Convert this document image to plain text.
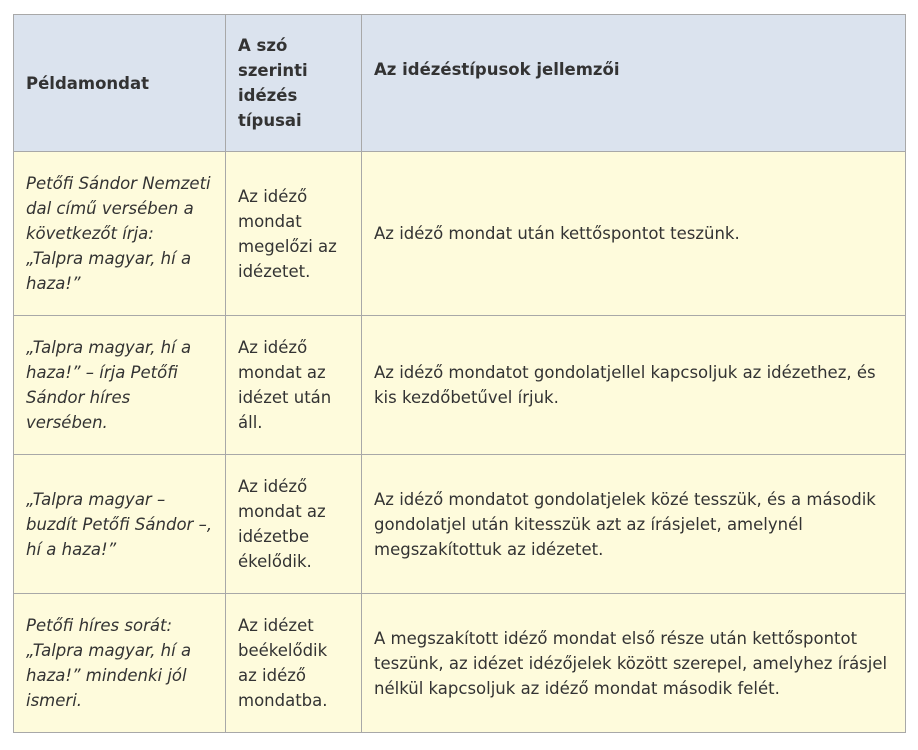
Példamondat	A szó szerinti idézés típusai	Az idézéstípusok jellemzői

Petőfi Sándor Nemzeti dal című versében a következőt írja: „Talpra magyar, hí a haza!”	Az idéző mondat megelőzi az idézetet.	Az idéző mondat után kettőspontot teszünk.
„Talpra magyar, hí a haza!” – írja Petőfi Sándor híres versében.	Az idéző mondat az idézet után áll.	Az idéző mondatot gondolatjellel kapcsoljuk az idézethez, és kis kezdőbetűvel írjuk.
„Talpra magyar – buzdít Petőfi Sándor –, hí a haza!”	Az idéző mondat az idézetbe ékelődik.	Az idéző mondatot gondolatjelek közé tesszük, és a második gondolatjel után kitesszük azt az írásjelet, amelynél megszakítottuk az idézetet.
Petőfi híres sorát: „Talpra magyar, hí a haza!” mindenki jól ismeri.	Az idézet beékelődik az idéző mondatba.	A megszakított idéző mondat első része után kettőspontot teszünk, az idézet idézőjelek között szerepel, amelyhez írásjel nélkül kapcsoljuk az idéző mondat második felét.
